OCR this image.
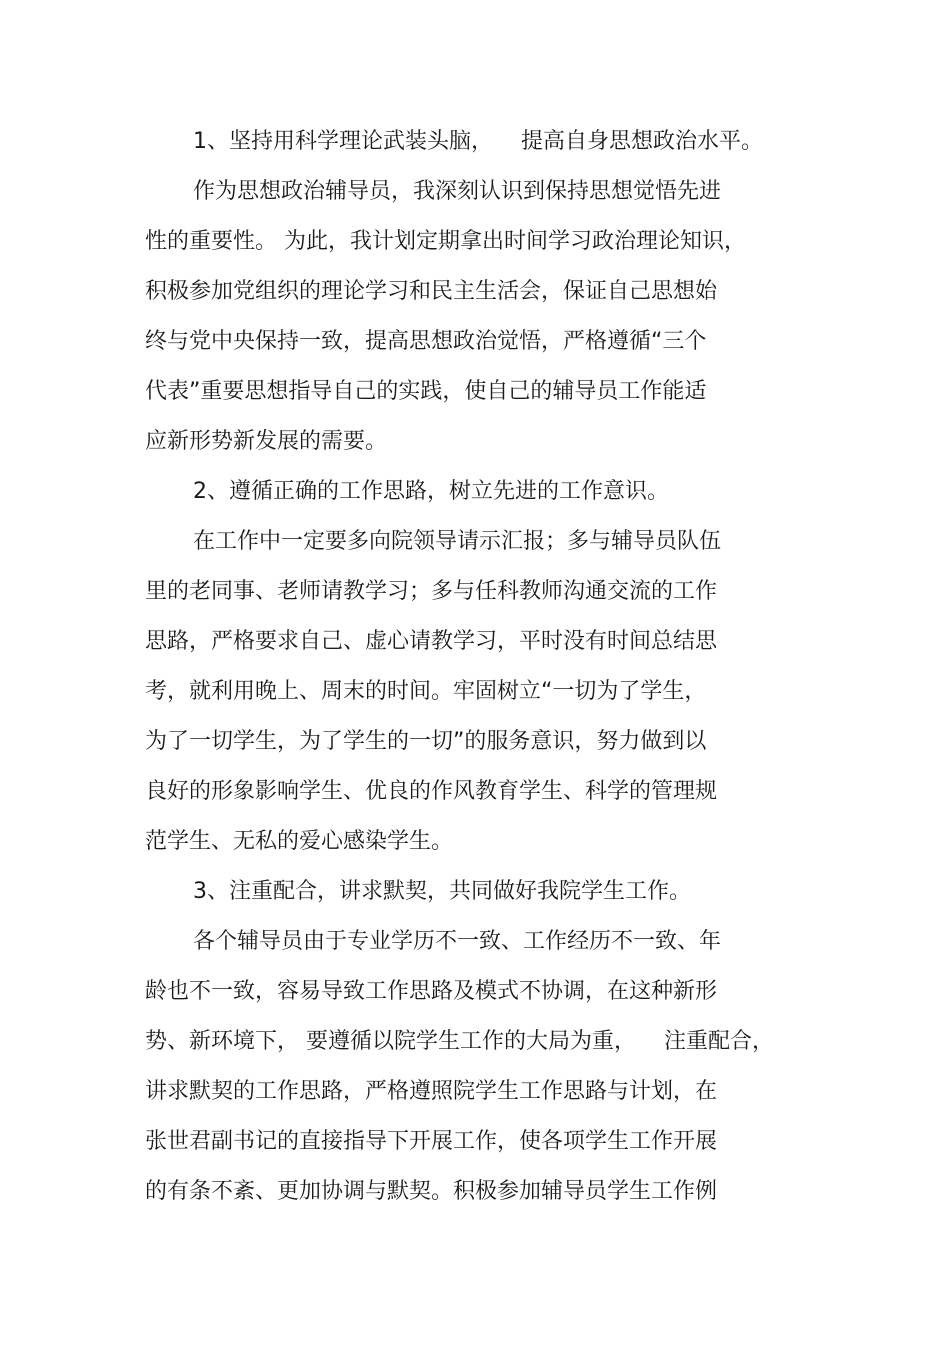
1、坚持用科学理论武装头脑，    提高自身思想政治水平。
作为思想政治辅导员，我深刻认识到保持思想觉悟先进
性的重要性。 为此，我计划定期拿出时间学习政治理论知识，
积极参加党组织的理论学习和民主生活会，保证自己思想始
终与党中央保持一致，提高思想政治觉悟，严格遵循“三个
代表”重要思想指导自己的实践，使自己的辅导员工作能适
应新形势新发展的需要。
2、遵循正确的工作思路，树立先进的工作意识。
在工作中一定要多向院领导请示汇报；多与辅导员队伍
里的老同事、老师请教学习；多与任科教师沟通交流的工作
思路，严格要求自己、虚心请教学习，平时没有时间总结思
考，就利用晚上、周末的时间。牢固树立“一切为了学生，
为了一切学生，为了学生的一切”的服务意识，努力做到以
良好的形象影响学生、优良的作风教育学生、科学的管理规
范学生、无私的爱心感染学生。
3、注重配合，讲求默契，共同做好我院学生工作。
各个辅导员由于专业学历不一致、工作经历不一致、年
龄也不一致，容易导致工作思路及模式不协调，在这种新形
势、新环境下， 要遵循以院学生工作的大局为重，    注重配合，
讲求默契的工作思路，严格遵照院学生工作思路与计划，在
张世君副书记的直接指导下开展工作，使各项学生工作开展
的有条不紊、更加协调与默契。积极参加辅导员学生工作例
